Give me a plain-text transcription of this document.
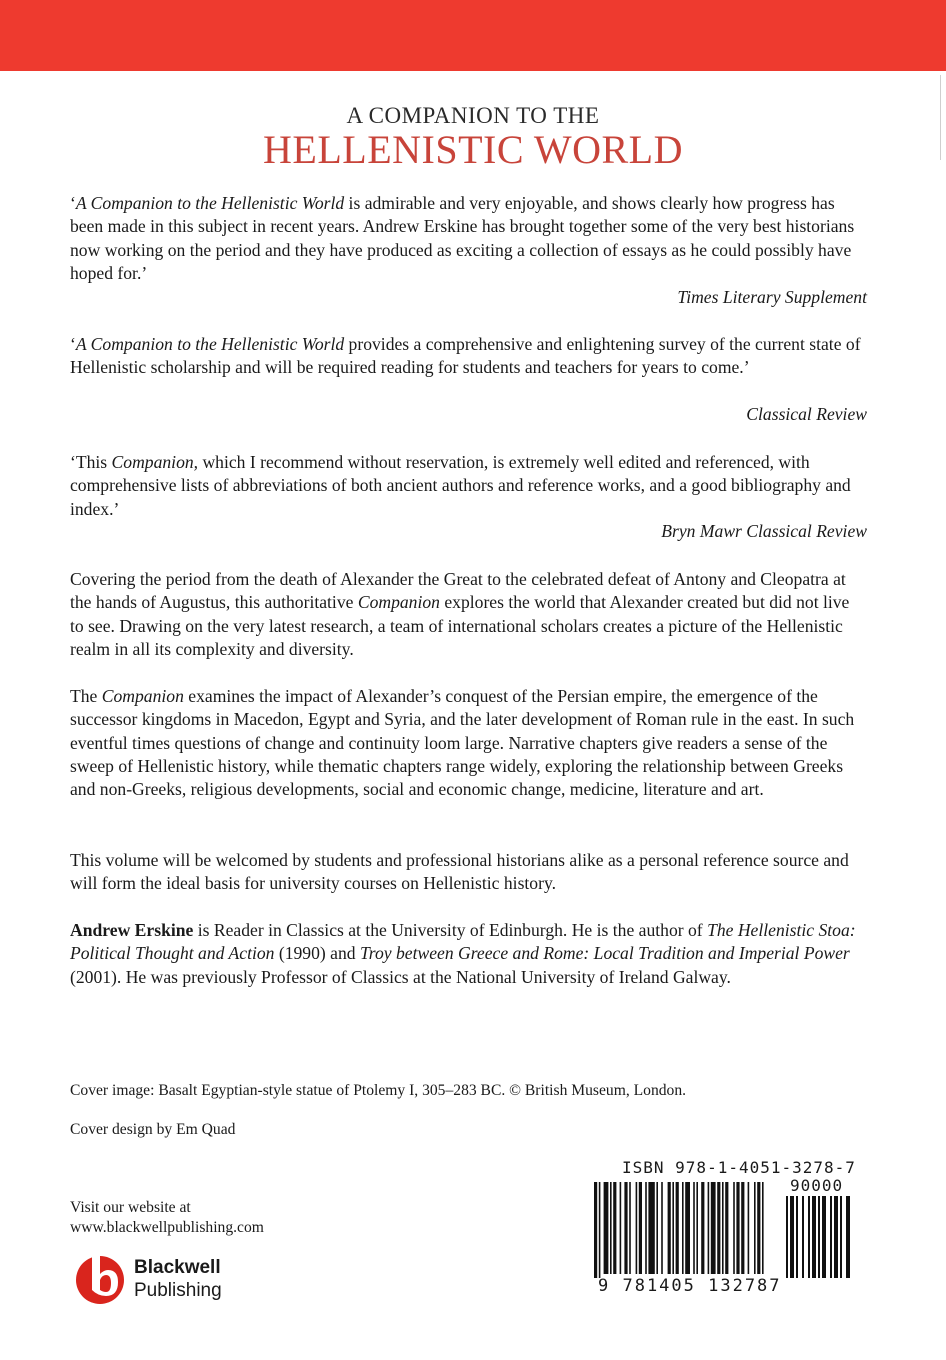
A COMPANION TO THE
HELLENISTIC WORLD

‘A Companion to the Hellenistic World is admirable and very enjoyable, and shows clearly how progress has been made in this subject in recent years. Andrew Erskine has brought together some of the very best historians now working on the period and they have produced as exciting a collection of essays as he could possibly have hoped for.’

Times Literary Supplement

‘A Companion to the Hellenistic World provides a comprehensive and enlightening survey of the current state of Hellenistic scholarship and will be required reading for students and teachers for years to come.’

Classical Review

‘This Companion, which I recommend without reservation, is extremely well edited and referenced, with comprehensive lists of abbreviations of both ancient authors and reference works, and a good bibliography and index.’

Bryn Mawr Classical Review

Covering the period from the death of Alexander the Great to the celebrated defeat of Antony and Cleopatra at the hands of Augustus, this authoritative Companion explores the world that Alexander created but did not live to see. Drawing on the very latest research, a team of international scholars creates a picture of the Hellenistic realm in all its complexity and diversity.

The Companion examines the impact of Alexander’s conquest of the Persian empire, the emergence of the successor kingdoms in Macedon, Egypt and Syria, and the later development of Roman rule in the east. In such eventful times questions of change and continuity loom large. Narrative chapters give readers a sense of the sweep of Hellenistic history, while thematic chapters range widely, exploring the relationship between Greeks and non-Greeks, religious developments, social and economic change, medicine, literature and art.

This volume will be welcomed by students and professional historians alike as a personal reference source and will form the ideal basis for university courses on Hellenistic history.

Andrew Erskine is Reader in Classics at the University of Edinburgh. He is the author of The Hellenistic Stoa: Political Thought and Action (1990) and Troy between Greece and Rome: Local Tradition and Imperial Power (2001). He was previously Professor of Classics at the National University of Ireland Galway.

Cover image: Basalt Egyptian-style statue of Ptolemy I, 305–283 BC. © British Museum, London.

Cover design by Em Quad

Visit our website at

www.blackwellpublishing.com

Blackwell
Publishing
ISBN 978-1-4051-3278-7
90000
9 781405 132787
